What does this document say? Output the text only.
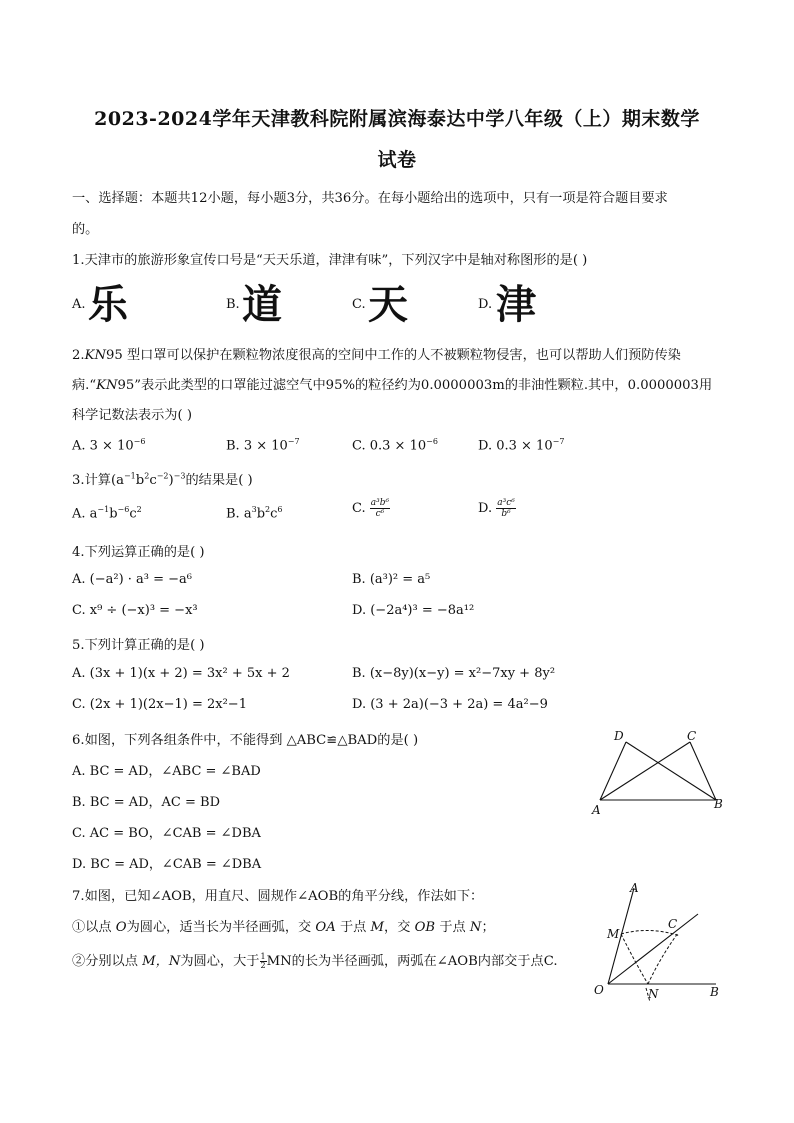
2023-2024学年天津教科院附属滨海泰达中学八年级（上）期末数学
试卷
一、选择题：本题共12小题，每小题3分，共36分。在每小题给出的选项中，只有一项是符合题目要求
的。
1.天津市的旅游形象宣传口号是“天天乐道，津津有味”，下列汉字中是轴对称图形的是( )
A. 乐	B. 道	C. 天	D. 津
2.KN95 型口罩可以保护在颗粒物浓度很高的空间中工作的人不被颗粒物侵害，也可以帮助人们预防传染
病.“KN95”表示此类型的口罩能过滤空气中95%的粒径约为0.0000003m的非油性颗粒.其中，0.0000003用
科学记数法表示为( )
A. $3 \times 10^{-6}$	B. $3 \times 10^{-7}$	C. $0.3 \times 10^{-6}$	D. $0.3 \times 10^{-7}$
3.计算$(a^{-1}b^2c^{-2})^{-3}$的结果是( )
A. $a^{-1}b^{-6}c^2$	B. $a^3b^2c^6$	C. $\frac{\text{a³b⁶}}{\text{c⁶}}$	D. $\frac{\text{a³c⁶}}{\text{b⁶}}$
4.下列运算正确的是( )
A. (−a²) · a³ = −a⁶	B. (a³)² = a⁵
C. x⁹ ÷ (−x)³ = −x³	D. (−2a⁴)³ = −8a¹²
5.下列计算正确的是( )
A. (3x + 1)(x + 2) = 3x² + 5x + 2	B. (x−8y)(x−y) = x²−7xy + 8y²
C. (2x + 1)(2x−1) = 2x²−1	D. (3 + 2a)(−3 + 2a) = 4a²−9
6.如图，下列各组条件中，不能得到 △ABC≌△BAD的是( )
A. BC = AD，∠ABC = ∠BAD
B. BC = AD，AC = BD
C. AC = BO，∠CAB = ∠DBA
D. BC = AD，∠CAB = ∠DBA
D	C
A	B
7.如图，已知∠AOB，用直尺、圆规作∠AOB的角平分线，作法如下：
①以点 O为圆心，适当长为半径画弧，交 OA 于点 M，交 OB 于点 N；
②分别以点 M，N为圆心，大于 $\frac{1}{2}$ MN的长为半径画弧，两弧在∠AOB内部交于点C.
A
C
M
O	N	B
